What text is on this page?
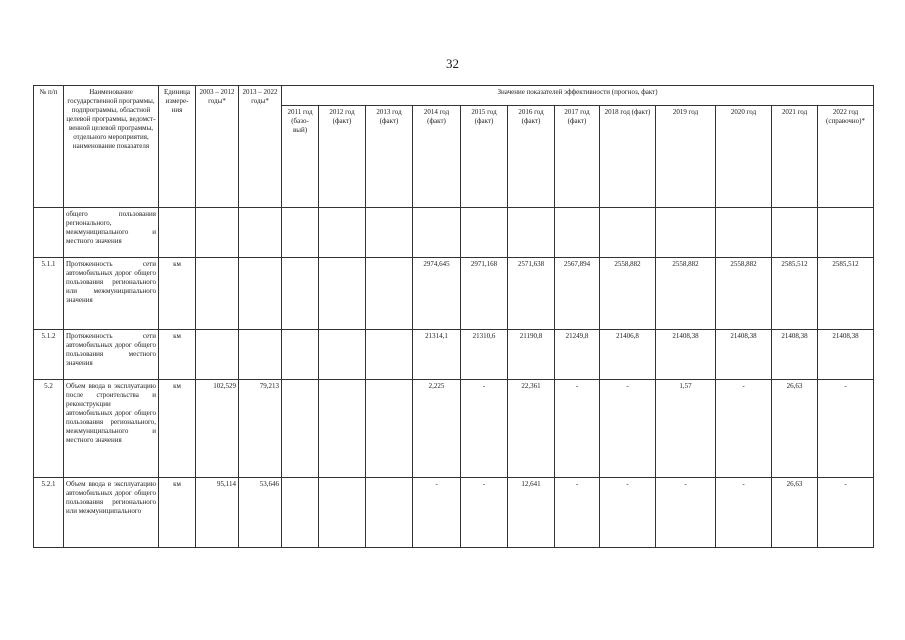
32
№ п/п	Наименование государственной программы, подпрограммы, областной целевой программы, ведомст- венной целевой программы, отдельного мероприятия, наименование показателя	Единица измере- ния	2003 – 2012 годы*	2013 – 2022 годы*	Значение показателей эффективности (прогноз, факт)											
					2011 год (базо- вый)	2012 год (факт)	2013 год (факт)	2014 год (факт)	2015 год (факт)	2016 год (факт)	2017 год (факт)	2018 год (факт)	2019 год	2020 год	2021 год	2022 год (справочно)*
	общего пользования регионального, межмуниципального и местного значения															
5.1.1	Протяженность сети автомобильных дорог общего пользования регионального или межмуниципального значения	км						2974,645	2971,168	2571,638	2567,894	2558,882	2558,882	2558,882	2585,512	2585,512
5.1.2	Протяженность сети автомобильных дорог общего пользования местного значения	км						21314,1	21310,6	21190,8	21249,8	21406,8	21408,38	21408,38	21408,38	21408,38
5.2	Объем ввода в эксплуатацию после строительства и реконструкции автомобильных дорог общего пользования регионального, межмуниципального и местного значения	км	102,529	79,213				2,225	-	22,361	-	-	1,57	-	26,63	-
5.2.1	Объем ввода в эксплуатацию автомобильных дорог общего пользования регионального или межмуниципального	км	95,114	53,646				-	-	12,641	-	-	-	-	26,63	-
